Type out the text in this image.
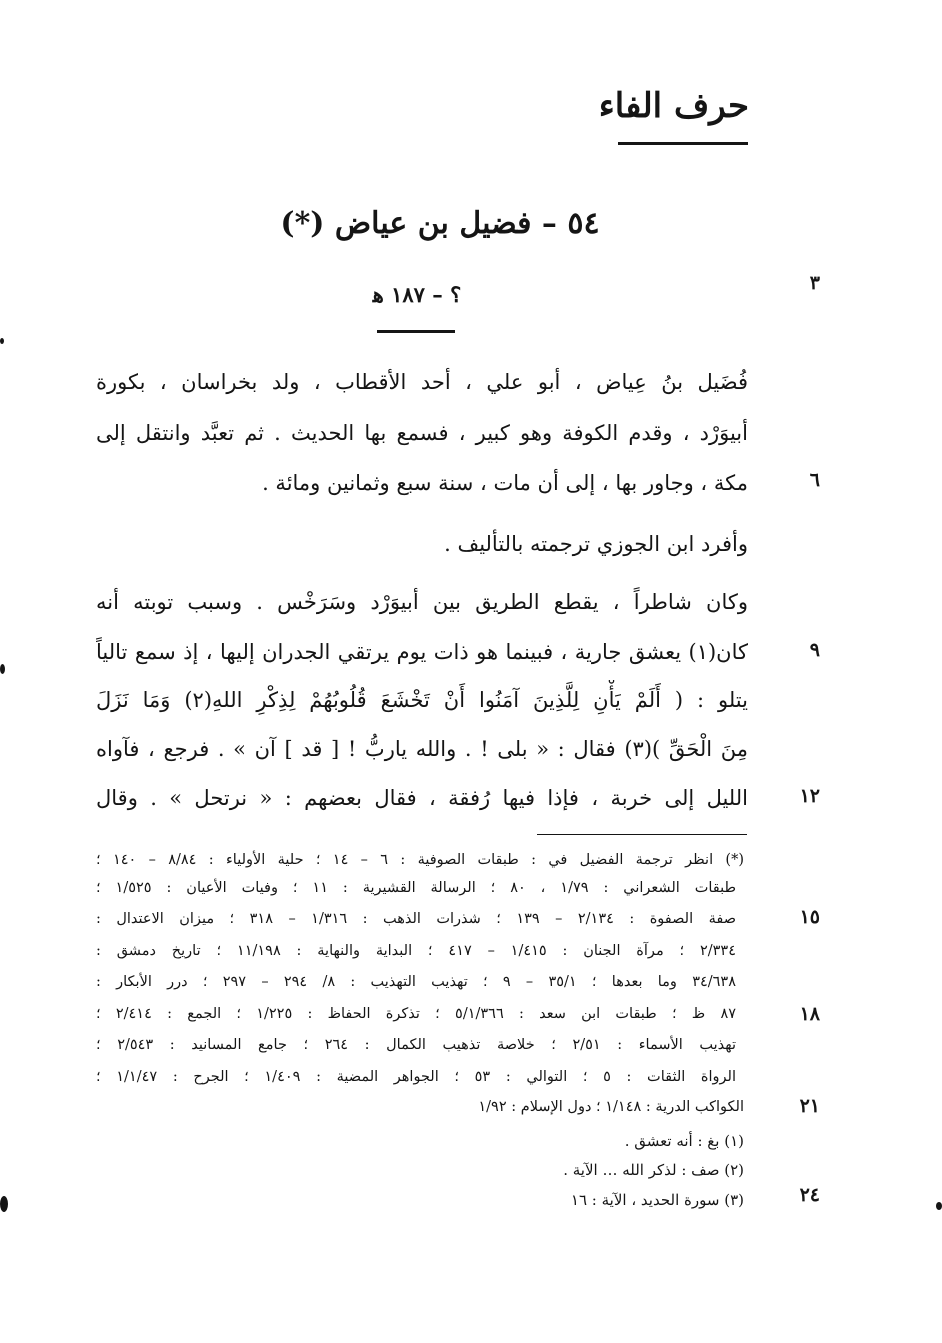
حرف الفاء
٥٤ – فضيل بن عياض (*)
؟ – ١٨٧ ﻫ
فُضَيل بنُ عِياض ، أبو علي ، أحد الأقطاب ، ولد بخراسان ، بكورة
أبيوَرْد ، وقدم الكوفة وهو كبير ، فسمع بها الحديث . ثم تعبَّد وانتقل إلى
مكة ، وجاور بها ، إلى أن مات ، سنة سبع وثمانين ومائة .
وأفرد ابن الجوزي ترجمته بالتأليف .
وكان شاطراً ، يقطع الطريق بين أبيوَرْد وسَرَخْس . وسبب توبته أنه
كان(١) يعشق جارية ، فبينما هو ذات يوم يرتقي الجدران إليها ، إذ سمع تالياً
يتلو : ( أَلَمْ يَأْنِ لِلَّذِينَ آمَنُوا أَنْ تَخْشَعَ قُلُوبُهُمْ لِذِكْرِ اللهِ(٢) وَمَا نَزَلَ
مِنَ الْحَقِّ )(٣) فقال : « بلى ! . والله ياربُّ ! [ قد ] آن » . فرجع ، فآواه
الليل إلى خربة ، فإذا فيها رُفقة ، فقال بعضهم : « نرتحل » . وقال
(*) انظر ترجمة الفضيل في : طبقات الصوفية : ٦ – ١٤ ؛ حلية الأولياء : ٨/٨٤ – ١٤٠ ؛
طبقات الشعراني : ١/٧٩ ، ٨٠ ؛ الرسالة القشيرية : ١١ ؛ وفيات الأعيان : ١/٥٢٥ ؛
صفة الصفوة : ٢/١٣٤ – ١٣٩ ؛ شذرات الذهب : ١/٣١٦ – ٣١٨ ؛ ميزان الاعتدال :
٢/٣٣٤ ؛ مرآة الجنان : ١/٤١٥ – ٤١٧ ؛ البداية والنهاية : ١١/١٩٨ ؛ تاريخ دمشق :
٣٤/٦٣٨ وما بعدها ؛ ٣٥/١ – ٩ ؛ تهذيب التهذيب : ٨/ ٢٩٤ – ٢٩٧ ؛ درر الأبكار :
٨٧ ظ ؛ طبقات ابن سعد : ٥/١/٣٦٦ ؛ تذكرة الحفاظ : ١/٢٢٥ ؛ الجمع : ٢/٤١٤ ؛
تهذيب الأسماء : ٢/٥١ ؛ خلاصة تذهيب الكمال : ٢٦٤ ؛ جامع المسانيد : ٢/٥٤٣ ؛
الرواة الثقات : ٥ ؛ التوالي : ٥٣ ؛ الجواهر المضية : ١/٤٠٩ ؛ الجرح : ١/١/٤٧ ؛
الكواكب الدرية : ١/١٤٨ ؛ دول الإسلام : ١/٩٢
(١) بغ : أنه تعشق .
(٢) صف : لذكر الله … الآية .
(٣) سورة الحديد ، الآية : ١٦
٣
٦
٩
١٢
١٥
١٨
٢١
٢٤
